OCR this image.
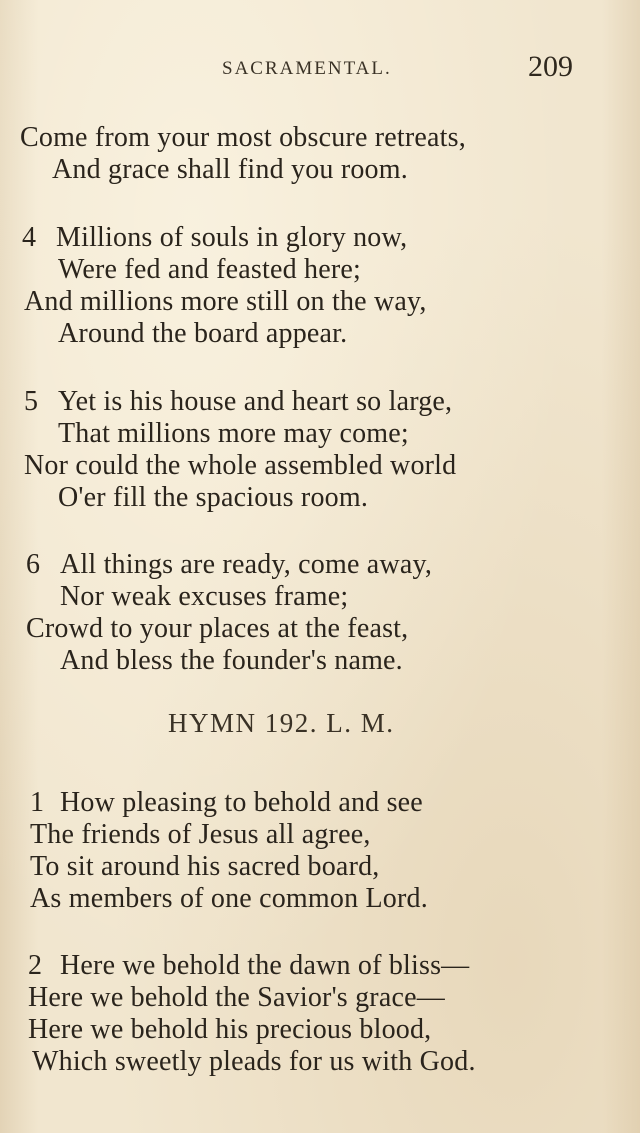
SACRAMENTAL.	209
Come from your most obscure retreats,
And grace shall find you room.
4 Millions of souls in glory now,
Were fed and feasted here;
And millions more still on the way,
Around the board appear.
5 Yet is his house and heart so large,
That millions more may come;
Nor could the whole assembled world
O'er fill the spacious room.
6 All things are ready, come away,
Nor weak excuses frame;
Crowd to your places at the feast,
And bless the founder's name.
HYMN 192. L. M.
1 How pleasing to behold and see
The friends of Jesus all agree,
To sit around his sacred board,
As members of one common Lord.
2 Here we behold the dawn of bliss—
Here we behold the Savior's grace—
Here we behold his precious blood,
Which sweetly pleads for us with God.
